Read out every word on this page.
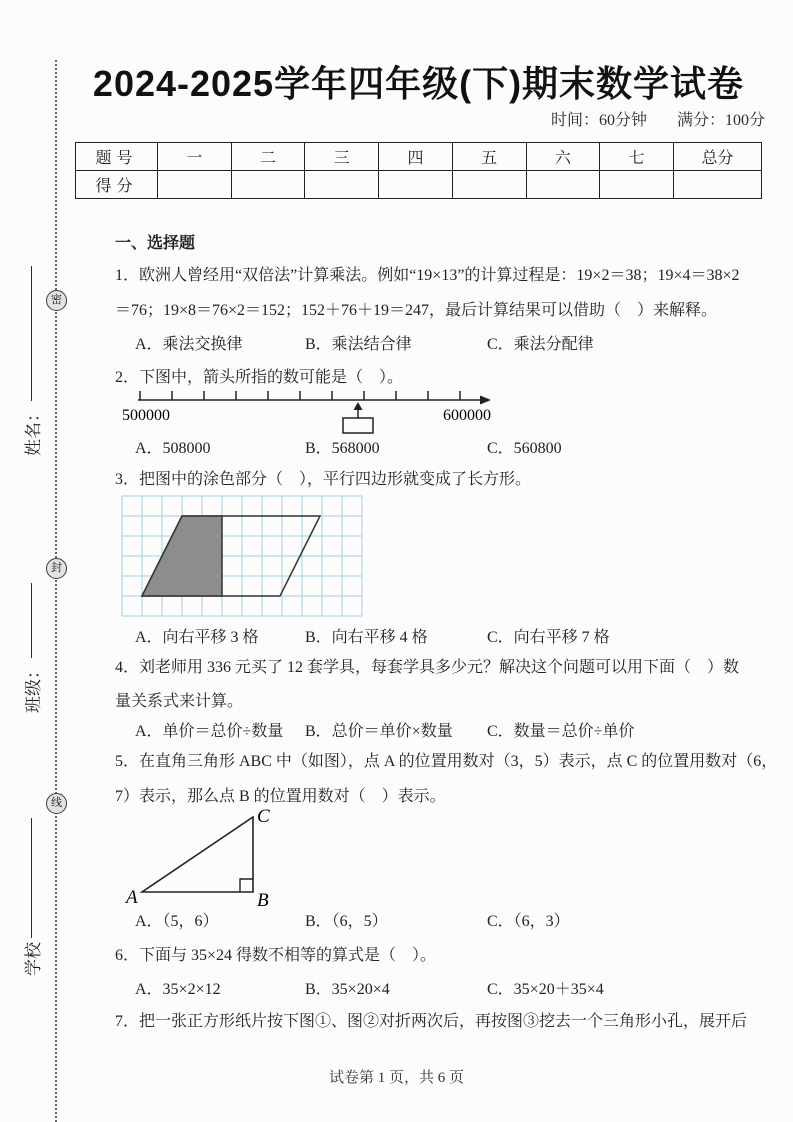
密
封
线
姓名：
班级：
学校
2024-2025学年四年级(下)期末数学试卷
时间：60分钟 满分：100分
题号	一	二	三	四	五	六	七	总分
得分								
一、选择题
1．欧洲人曾经用“双倍法”计算乘法。例如“19×13”的计算过程是：19×2＝38；19×4＝38×2
＝76；19×8＝76×2＝152；152＋76＋19＝247，最后计算结果可以借助（　）来解释。
A．乘法交换律	B．乘法结合律	C．乘法分配律
2．下图中，箭头所指的数可能是（　）。
500000	600000
A．508000	B．568000	C．560800
3．把图中的涂色部分（　），平行四边形就变成了长方形。
A．向右平移 3 格	B．向右平移 4 格	C．向右平移 7 格
4．刘老师用 336 元买了 12 套学具，每套学具多少元？解决这个问题可以用下面（　）数
量关系式来计算。
A．单价＝总价÷数量 B．总价＝单价×数量 C．数量＝总价÷单价
5．在直角三角形 ABC 中（如图），点 A 的位置用数对（3，5）表示，点 C 的位置用数对（6，
7）表示，那么点 B 的位置用数对（　）表示。
A	B
C
A．（5，6）	B．（6，5）	C．（6，3）
6．下面与 35×24 得数不相等的算式是（　）。
A．35×2×12	B．35×20×4	C．35×20＋35×4
7．把一张正方形纸片按下图①、图②对折两次后，再按图③挖去一个三角形小孔，展开后
试卷第 1 页，共 6 页
